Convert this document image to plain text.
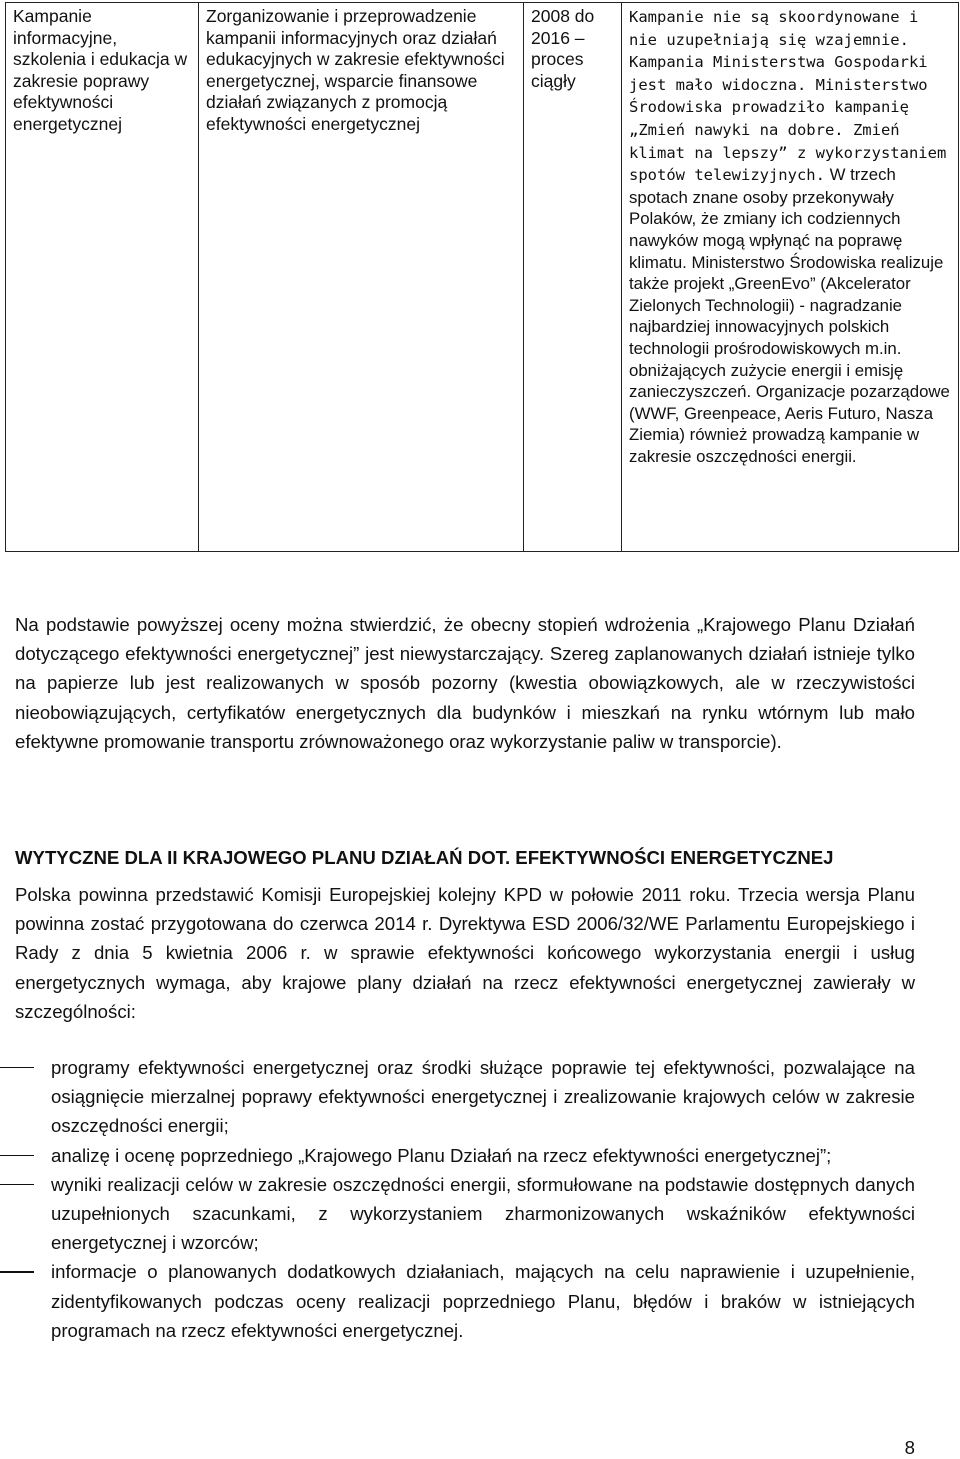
Kampanie informacyjne, szkolenia i edukacja w zakresie poprawy efektywności energetycznej	Zorganizowanie i przeprowadzenie kampanii informacyjnych oraz działań edukacyjnych w zakresie efektywności energetycznej, wsparcie finansowe działań związanych z promocją efektywności energetycznej	2008 do 2016 – proces ciągły	Kampanie nie są skoordynowane i nie uzupełniają się wzajemnie. Kampania Ministerstwa Gospodarki jest mało widoczna. Ministerstwo Środowiska prowadziło kampanię „Zmień nawyki na dobre. Zmień klimat na lepszy” z wykorzystaniem spotów telewizyjnych. W trzech spotach znane osoby przekonywały Polaków, że zmiany ich codziennych nawyków mogą wpłynąć na poprawę klimatu. Ministerstwo Środowiska realizuje także projekt „GreenEvo” (Akcelerator Zielonych Technologii) - nagradzanie najbardziej innowacyjnych polskich technologii prośrodowiskowych m.in. obniżających zużycie energii i emisję zanieczyszczeń. Organizacje pozarządowe (WWF, Greenpeace, Aeris Futuro, Nasza Ziemia) również prowadzą kampanie w zakresie oszczędności energii.

Na podstawie powyższej oceny można stwierdzić, że obecny stopień wdrożenia „Krajowego Planu Działań dotyczącego efektywności energetycznej” jest niewystarczający. Szereg zaplanowanych działań istnieje tylko na papierze lub jest realizowanych w sposób pozorny (kwestia obowiązkowych, ale w rzeczywistości nieobowiązujących, certyfikatów energetycznych dla budynków i mieszkań na rynku wtórnym lub mało efektywne promowanie transportu zrównoważonego oraz wykorzystanie paliw w transporcie).

WYTYCZNE DLA II KRAJOWEGO PLANU DZIAŁAŃ DOT. EFEKTYWNOŚCI ENERGETYCZNEJ

Polska powinna przedstawić Komisji Europejskiej kolejny KPD w połowie 2011 roku. Trzecia wersja Planu powinna zostać przygotowana do czerwca 2014 r. Dyrektywa ESD 2006/32/WE Parlamentu Europejskiego i Rady z dnia 5 kwietnia 2006 r. w sprawie efektywności końcowego wykorzystania energii i usług energetycznych wymaga, aby krajowe plany działań na rzecz efektywności energetycznej zawierały w szczególności:

programy efektywności energetycznej oraz środki służące poprawie tej efektywności, pozwalające na osiągnięcie mierzalnej poprawy efektywności energetycznej i zrealizowanie krajowych celów w zakresie oszczędności energii;
analizę i ocenę poprzedniego „Krajowego Planu Działań na rzecz efektywności energetycznej”;
wyniki realizacji celów w zakresie oszczędności energii, sformułowane na podstawie dostępnych danych uzupełnionych szacunkami, z wykorzystaniem zharmonizowanych wskaźników efektywności energetycznej i wzorców;
informacje o planowanych dodatkowych działaniach, mających na celu naprawienie i uzupełnienie, zidentyfikowanych podczas oceny realizacji poprzedniego Planu, błędów i braków w istniejących programach na rzecz efektywności energetycznej.
8
